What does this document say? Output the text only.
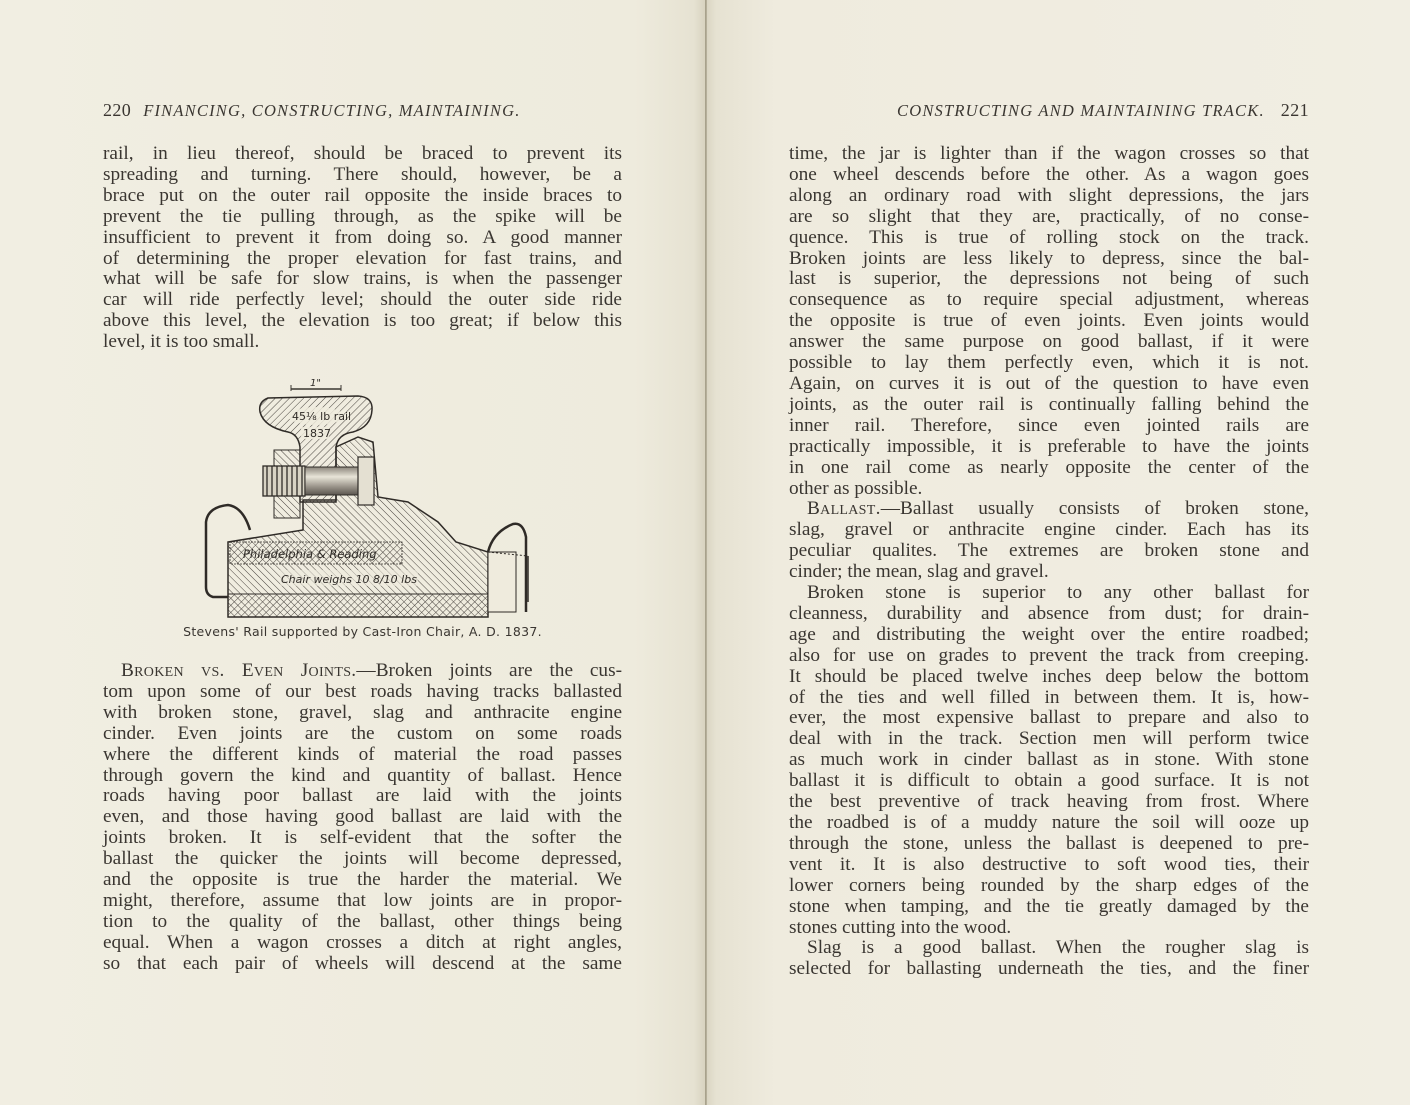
220 FINANCING, CONSTRUCTING, MAINTAINING.
rail, in lieu thereof, should be braced to prevent its
spreading and turning. There should, however, be a
brace put on the outer rail opposite the inside braces to
prevent the tie pulling through, as the spike will be
insufficient to prevent it from doing so. A good manner
of determining the proper elevation for fast trains, and
what will be safe for slow trains, is when the passenger
car will ride perfectly level; should the outer side ride
above this level, the elevation is too great; if below this
level, it is too small.
1"
Philadelphia & Reading
Chair weighs 10 8/10 lbs
45⅛ lb rail
1837
Stevens' Rail supported by Cast-Iron Chair, A. D. 1837.
Broken vs. Even Joints.—Broken joints are the cus-
tom upon some of our best roads having tracks ballasted
with broken stone, gravel, slag and anthracite engine
cinder. Even joints are the custom on some roads
where the different kinds of material the road passes
through govern the kind and quantity of ballast. Hence
roads having poor ballast are laid with the joints
even, and those having good ballast are laid with the
joints broken. It is self-evident that the softer the
ballast the quicker the joints will become depressed,
and the opposite is true the harder the material. We
might, therefore, assume that low joints are in propor-
tion to the quality of the ballast, other things being
equal. When a wagon crosses a ditch at right angles,
so that each pair of wheels will descend at the same
CONSTRUCTING AND MAINTAINING TRACK. 221
time, the jar is lighter than if the wagon crosses so that
one wheel descends before the other. As a wagon goes
along an ordinary road with slight depressions, the jars
are so slight that they are, practically, of no conse-
quence. This is true of rolling stock on the track.
Broken joints are less likely to depress, since the bal-
last is superior, the depressions not being of such
consequence as to require special adjustment, whereas
the opposite is true of even joints. Even joints would
answer the same purpose on good ballast, if it were
possible to lay them perfectly even, which it is not.
Again, on curves it is out of the question to have even
joints, as the outer rail is continually falling behind the
inner rail. Therefore, since even jointed rails are
practically impossible, it is preferable to have the joints
in one rail come as nearly opposite the center of the
other as possible.
Ballast.—Ballast usually consists of broken stone,
slag, gravel or anthracite engine cinder. Each has its
peculiar qualites. The extremes are broken stone and
cinder; the mean, slag and gravel.
Broken stone is superior to any other ballast for
cleanness, durability and absence from dust; for drain-
age and distributing the weight over the entire roadbed;
also for use on grades to prevent the track from creeping.
It should be placed twelve inches deep below the bottom
of the ties and well filled in between them. It is, how-
ever, the most expensive ballast to prepare and also to
deal with in the track. Section men will perform twice
as much work in cinder ballast as in stone. With stone
ballast it is difficult to obtain a good surface. It is not
the best preventive of track heaving from frost. Where
the roadbed is of a muddy nature the soil will ooze up
through the stone, unless the ballast is deepened to pre-
vent it. It is also destructive to soft wood ties, their
lower corners being rounded by the sharp edges of the
stone when tamping, and the tie greatly damaged by the
stones cutting into the wood.
Slag is a good ballast. When the rougher slag is
selected for ballasting underneath the ties, and the finer
